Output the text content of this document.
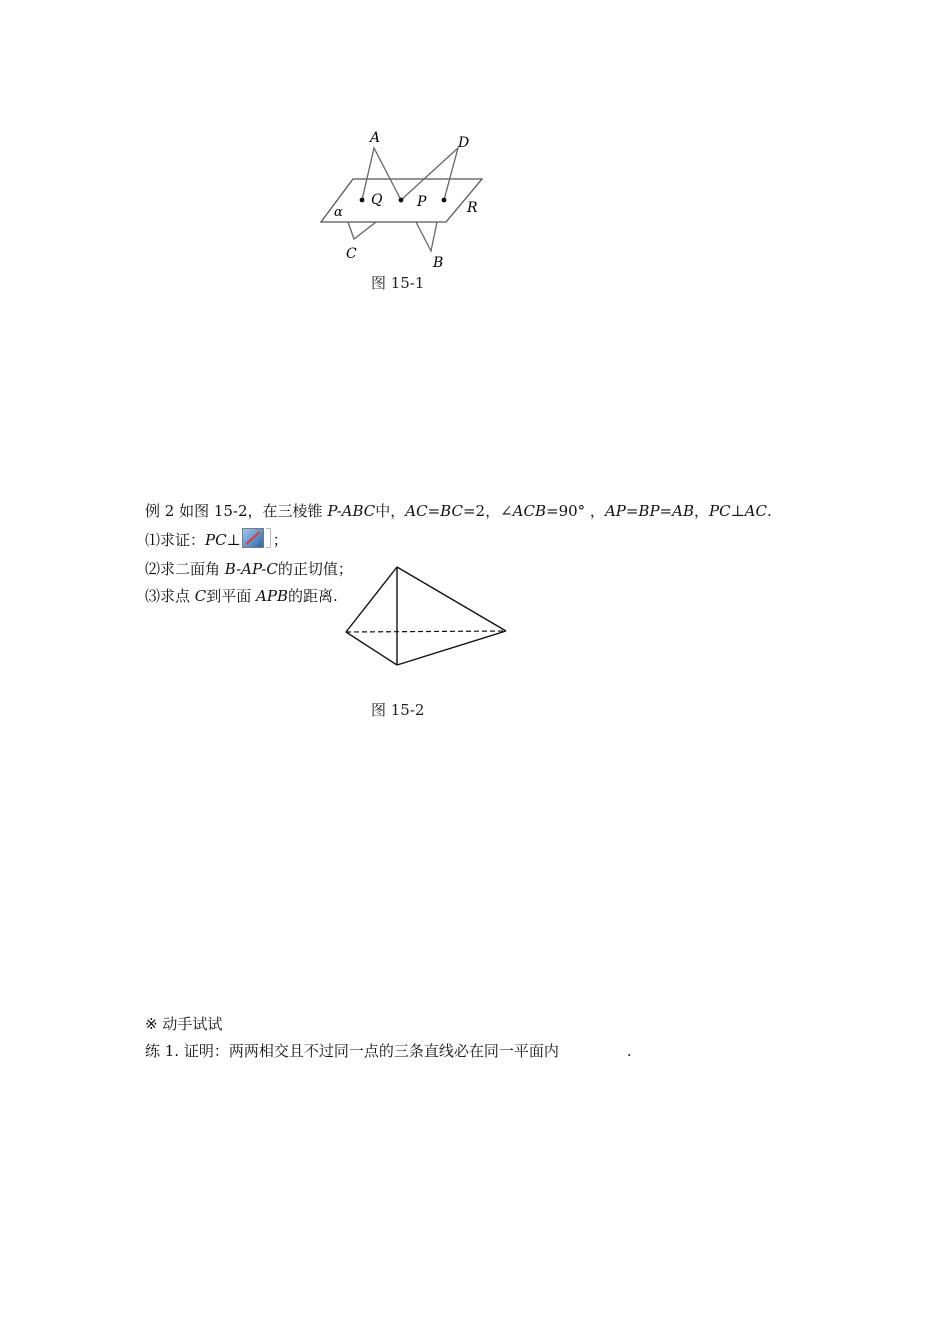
A	D
Q P	R
α
C
B
图 15-1
例 2 如图 15-2，在三棱锥 P-ABC中，AC=BC=2，∠ACB=90° ，AP=BP=AB，PC⊥AC.
⑴求证：PC⊥ ；
⑵求二面角 B-AP-C的正切值；
⑶求点 C到平面 APB的距离.
图 15-2
※ 动手试试
练 1. 证明：两两相交且不过同一点的三条直线必在同一平面内	.
